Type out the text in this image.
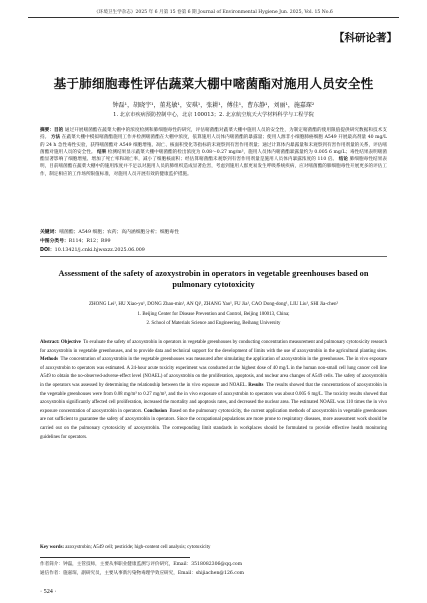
《环境卫生学杂志》2025 年 6 月第 15 卷第 6 期 Journal of Environmental Hygiene Jun. 2025, Vol. 15 No.6
【科研论著】
基于肺细胞毒性评估蔬菜大棚中嘧菌酯对施用人员安全性
钟磊¹，胡晓宇¹，董兆敏¹，安琪¹，张耕¹，傅佳¹，曹东静¹，刘丽¹，施嘉琛²
1. 北京市疾病预防控制中心，北京 100013；2. 北京航空航天大学材料科学与工程学院
摘要：目的 通过开展嘧菌酯在蔬菜大棚中的浓度检测和肺细胞毒性的研究，评估嘧菌酯对蔬菜大棚中施用人员的安全性，为制定嘧菌酯的使用限值提供研究数据和技术支持。 方法 在蔬菜大棚中模拟嘧菌酯施用工作并检测嘧菌酯在大棚中浓度，依算施用人员体内嘧菌酯的暴露量；使用人源非小细胞肺癌细胞 A549 开展最高剂量 40 mg/L 的 24 h 急性毒性实验，获得嘧菌酯对 A549 细胞增殖、凋亡、核面积变化等指标的未观察到有害作用剂量；通过计算体内暴露量和未观察到有害作用剂量的关系，评估嘧菌酯对施用人员的安全性。 结果 检测结果显示蔬菜大棚中嘧菌酯的检出浓度为 0.08～0.27 mg/m³，施用人员体内嘧菌酯暴露量约为 0.005 6 mg/L；毒性结果表明嘧菌酯显著影响了细胞增殖、增加了死亡率和凋亡率，减小了细胞核面积；经估算嘧菌酯未观察到有害作用剂量是施用人员体内暴露浓度的 110 倍。 结论 肺细胞毒性结果表明，目前嘧菌酯在蔬菜大棚中的施用浓度并不足以对施用人员的肺组织造成显著危害，考虑到施用人群更易发生呼吸系统疾病，应对嘧菌酯的肺细胞毒性开展更多的评估工作，制定相应的工作场所限值标准，对施用人员开展有效的健康监护措施。
关键词：嘧菌酯；A549 细胞；农药；高内涵细胞分析；细胞毒性
中图分类号：R114；R12；R99
DOI：10.13421/j.cnki.hjwsxzz.2025.06.009
Assessment of the safety of azoxystrobin in operators in vegetable greenhouses based on pulmonary cytotoxicity
ZHONG Lei¹, HU Xiao-yu¹, DONG Zhao-min¹, AN Qi¹, ZHANG Yao¹, FU Jia¹, CAO Dong-dong¹, LIU Liu¹, SHI Jia-chen²
1. Beijing Center for Disease Prevention and Control, Beijing 100013, China;
2. School of Materials Science and Engineering, Beihang University
Abstract: Objective To evaluate the safety of azoxystrobin in operators in vegetable greenhouses by conducting concentration measurement and pulmonary cytotoxicity research for azoxystrobin in vegetable greenhouses, and to provide data and technical support for the development of limits with the use of azoxystrobin in the agricultural planting sites. Methods The concentration of azoxystrobin in the vegetable greenhouses was measured after simulating the application of azoxystrobin in the greenhouses. The in vivo exposure of azoxystrobin to operators was estimated. A 24-hour acute toxicity experiment was conducted at the highest dose of 40 mg/L in the human non-small cell lung cancer cell line A549 to obtain the no-observed-adverse-effect level (NOAEL) of azoxystrobin on the proliferation, apoptosis, and nuclear area changes of A549 cells. The safety of azoxystrobin in the operators was assessed by determining the relationship between the in vivo exposure and NOAEL. Results The results showed that the concentrations of azoxystrobin in the vegetable greenhouses were from 0.08 mg/m³ to 0.27 mg/m³, and the in vivo exposure of azoxystrobin to operators was about 0.005 6 mg/L. The toxicity results showed that azoxystrobin significantly affected cell proliferation, increased the mortality and apoptosis rates, and decreased the nuclear area. The estimated NOAEL was 110 times the in vivo exposure concentration of azoxystrobin in operators. Conclusion Based on the pulmonary cytotoxicity, the current application methods of azoxystrobin in vegetable greenhouses are not sufficient to guarantee the safety of azoxystrobin in operators. Since the occupational populations are more prone to respiratory diseases, more assessment work should be carried out on the pulmonary cytotoxicity of azoxystrobin. The corresponding limit standards in workplaces should be formulated to provide effective health monitoring guidelines for operators.
Key words: azoxystrobin; A549 cell; pesticide; high-content cell analysis; cytotoxicity
作者简介：钟磊，主管技师，主要从事职业健康监测与评价研究，Email：3518082306@qq.com
通信作者：施嘉琛，副研究员，主要从事新污染物毒理学效应研究，Email：shijiachen@126.com
· 524 ·
